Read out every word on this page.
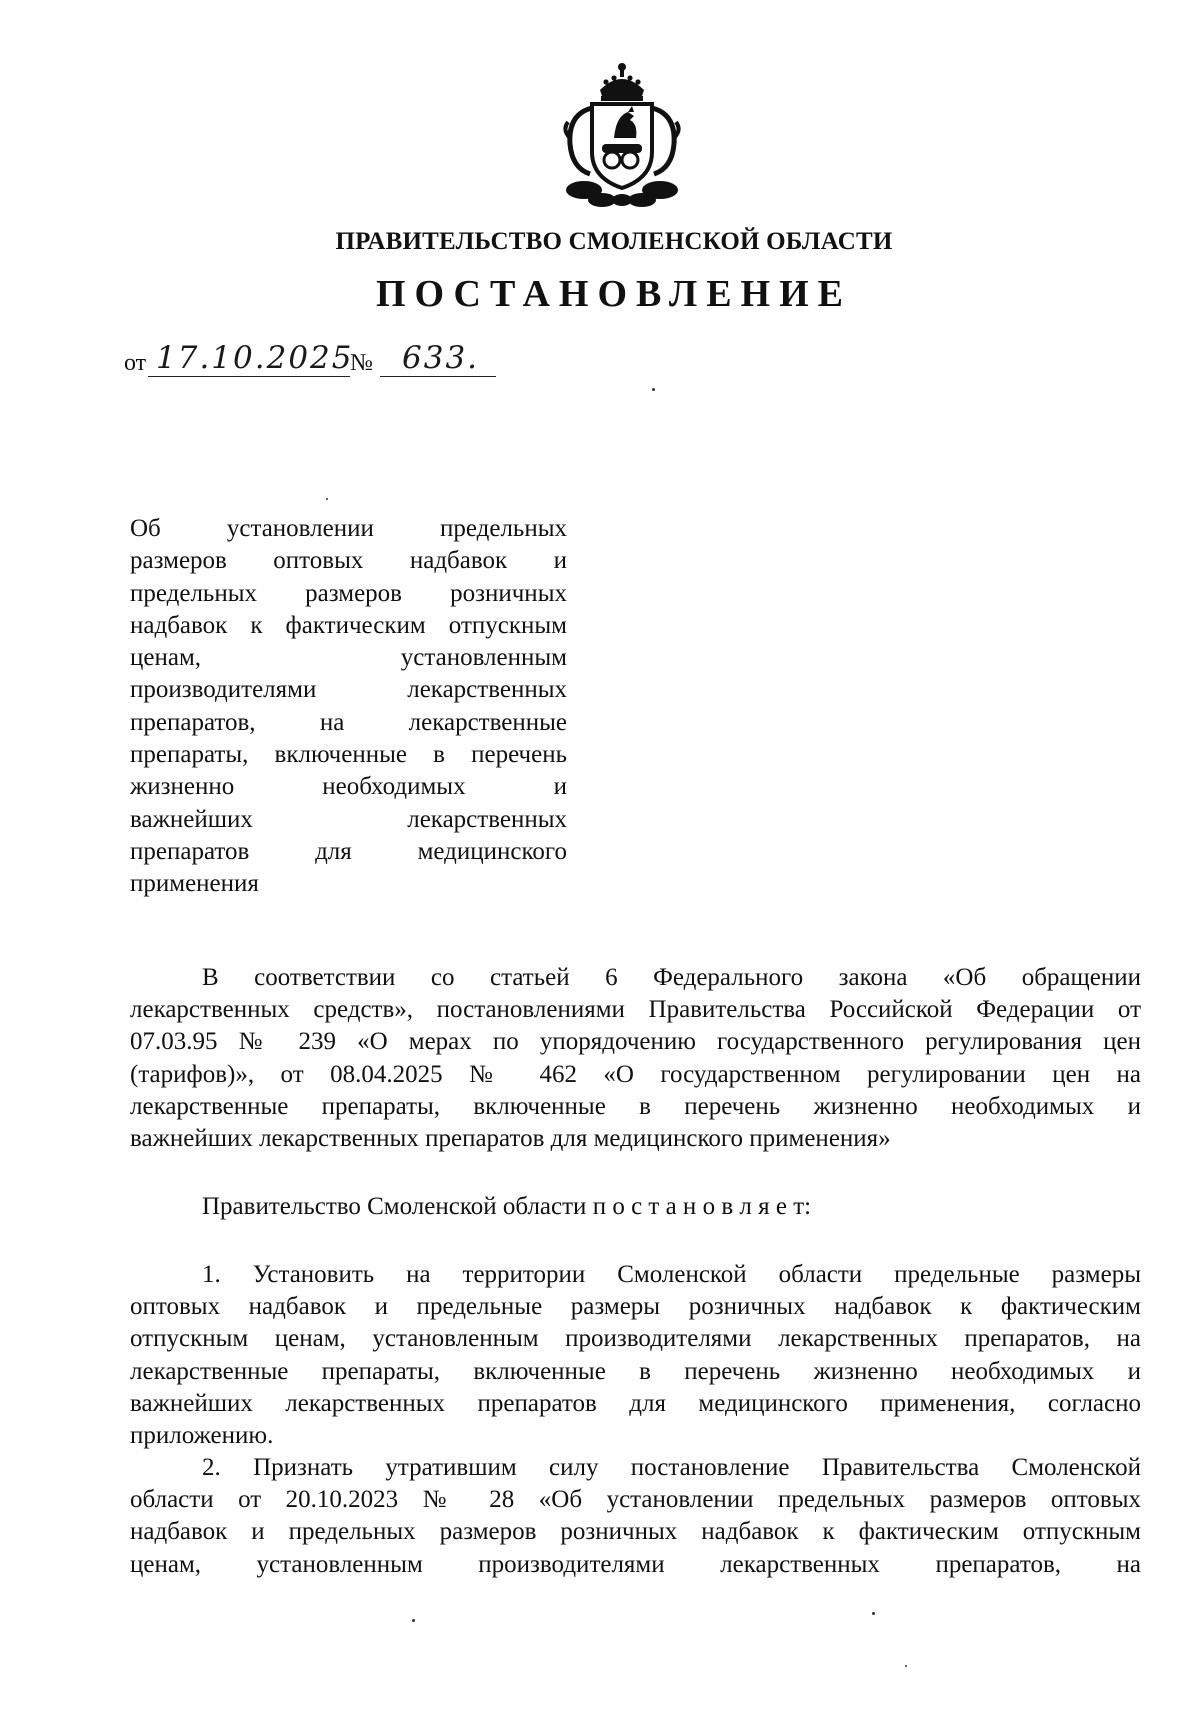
ПРАВИТЕЛЬСТВО СМОЛЕНСКОЙ ОБЛАСТИ
ПОСТАНОВЛЕНИЕ
от 17.10.2025
№ 633.
Об установлении предельных
размеров оптовых надбавок и
предельных размеров розничных
надбавок к фактическим отпускным
ценам, установленным
производителями лекарственных
препаратов, на лекарственные
препараты, включенные в перечень
жизненно необходимых и
важнейших лекарственных
препаратов для медицинского
применения
В соответствии со статьей 6 Федерального закона «Об обращении
лекарственных средств», постановлениями Правительства Российской Федерации от
07.03.95 № 239 «О мерах по упорядочению государственного регулирования цен
(тарифов)», от 08.04.2025 № 462 «О государственном регулировании цен на
лекарственные препараты, включенные в перечень жизненно необходимых и
важнейших лекарственных препаратов для медицинского применения»
Правительство Смоленской области п о с т а н о в л я е т:
1. Установить на территории Смоленской области предельные размеры
оптовых надбавок и предельные размеры розничных надбавок к фактическим
отпускным ценам, установленным производителями лекарственных препаратов, на
лекарственные препараты, включенные в перечень жизненно необходимых и
важнейших лекарственных препаратов для медицинского применения, согласно
приложению.
2. Признать утратившим силу постановление Правительства Смоленской
области от 20.10.2023 № 28 «Об установлении предельных размеров оптовых
надбавок и предельных размеров розничных надбавок к фактическим отпускным
ценам, установленным производителями лекарственных препаратов, на
